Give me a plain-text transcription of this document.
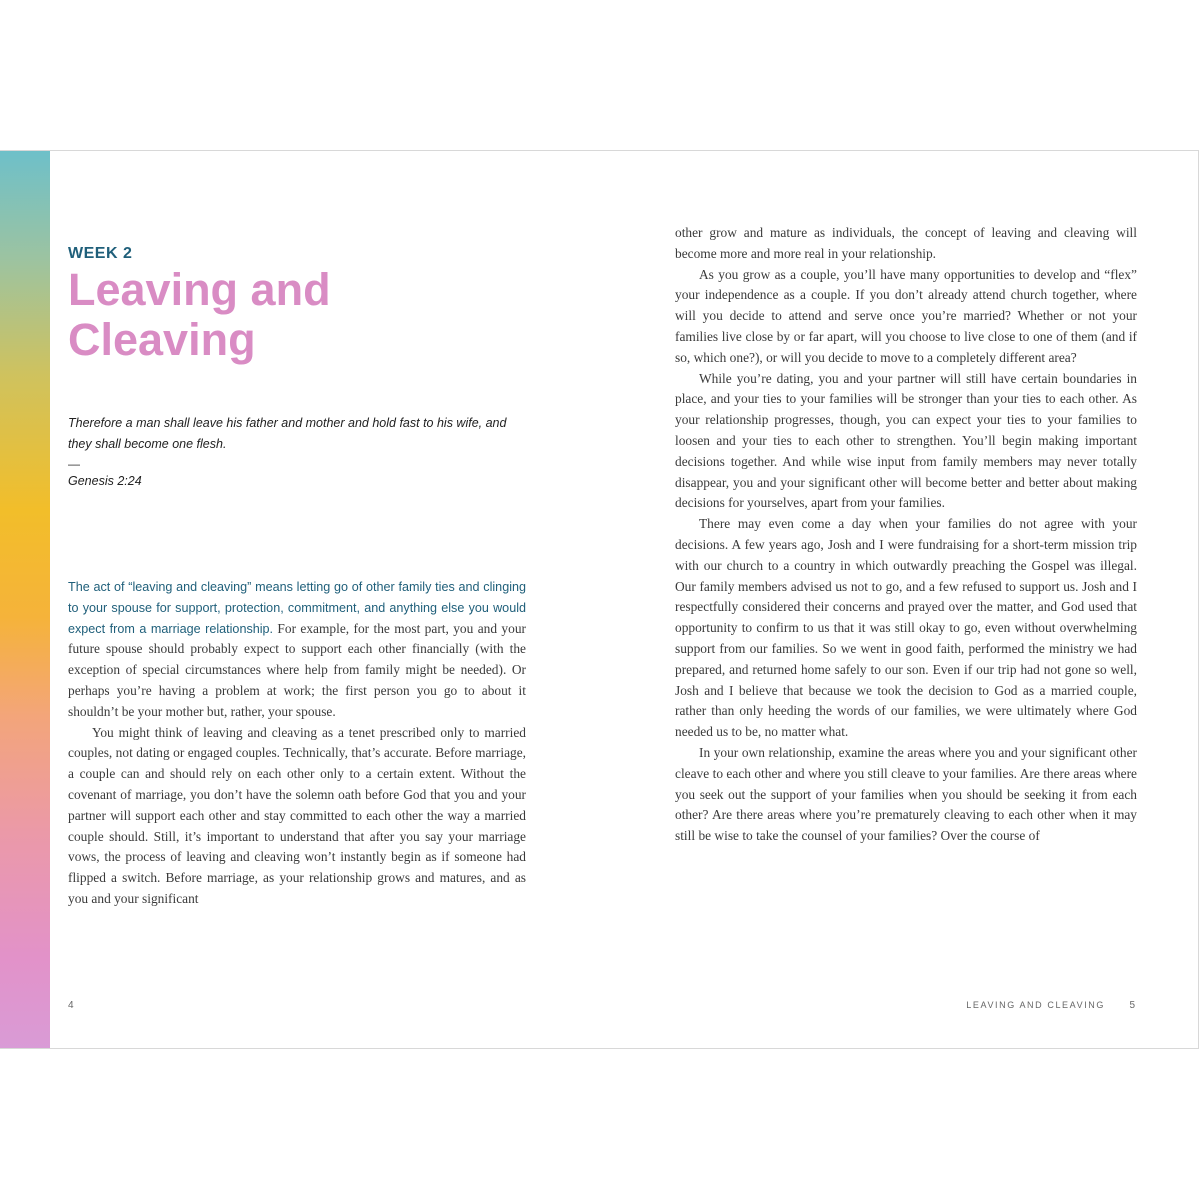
WEEK 2
Leaving and Cleaving

Therefore a man shall leave his father and mother and hold fast to his wife, and they shall become one flesh.

—
Genesis 2:24

The act of “leaving and cleaving” means letting go of other family ties and clinging to your spouse for support, protection, commitment, and anything else you would expect from a marriage relationship. For example, for the most part, you and your future spouse should probably expect to support each other financially (with the exception of special circumstances where help from family might be needed). Or perhaps you’re having a problem at work; the first person you go to about it shouldn’t be your mother but, rather, your spouse.

You might think of leaving and cleaving as a tenet prescribed only to married couples, not dating or engaged couples. Technically, that’s accurate. Before marriage, a couple can and should rely on each other only to a certain extent. Without the covenant of marriage, you don’t have the solemn oath before God that you and your partner will support each other and stay committed to each other the way a married couple should. Still, it’s important to understand that after you say your marriage vows, the process of leaving and cleaving won’t instantly begin as if someone had flipped a switch. Before marriage, as your relationship grows and matures, and as you and your significant

4

other grow and mature as individuals, the concept of leaving and cleaving will become more and more real in your relationship.

As you grow as a couple, you’ll have many opportunities to develop and “flex” your independence as a couple. If you don’t already attend church together, where will you decide to attend and serve once you’re married? Whether or not your families live close by or far apart, will you choose to live close to one of them (and if so, which one?), or will you decide to move to a completely different area?

While you’re dating, you and your partner will still have certain boundaries in place, and your ties to your families will be stronger than your ties to each other. As your relationship progresses, though, you can expect your ties to your families to loosen and your ties to each other to strengthen. You’ll begin making important decisions together. And while wise input from family members may never totally disappear, you and your significant other will become better and better about making decisions for yourselves, apart from your families.

There may even come a day when your families do not agree with your decisions. A few years ago, Josh and I were fundraising for a short-term mission trip with our church to a country in which outwardly preaching the Gospel was illegal. Our family members advised us not to go, and a few refused to support us. Josh and I respectfully considered their concerns and prayed over the matter, and God used that opportunity to confirm to us that it was still okay to go, even without overwhelming support from our families. So we went in good faith, performed the ministry we had prepared, and returned home safely to our son. Even if our trip had not gone so well, Josh and I believe that because we took the decision to God as a married couple, rather than only heeding the words of our families, we were ultimately where God needed us to be, no matter what.

In your own relationship, examine the areas where you and your significant other cleave to each other and where you still cleave to your families. Are there areas where you seek out the support of your families when you should be seeking it from each other? Are there areas where you’re prematurely cleaving to each other when it may still be wise to take the counsel of your families? Over the course of

LEAVING AND CLEAVING 5
